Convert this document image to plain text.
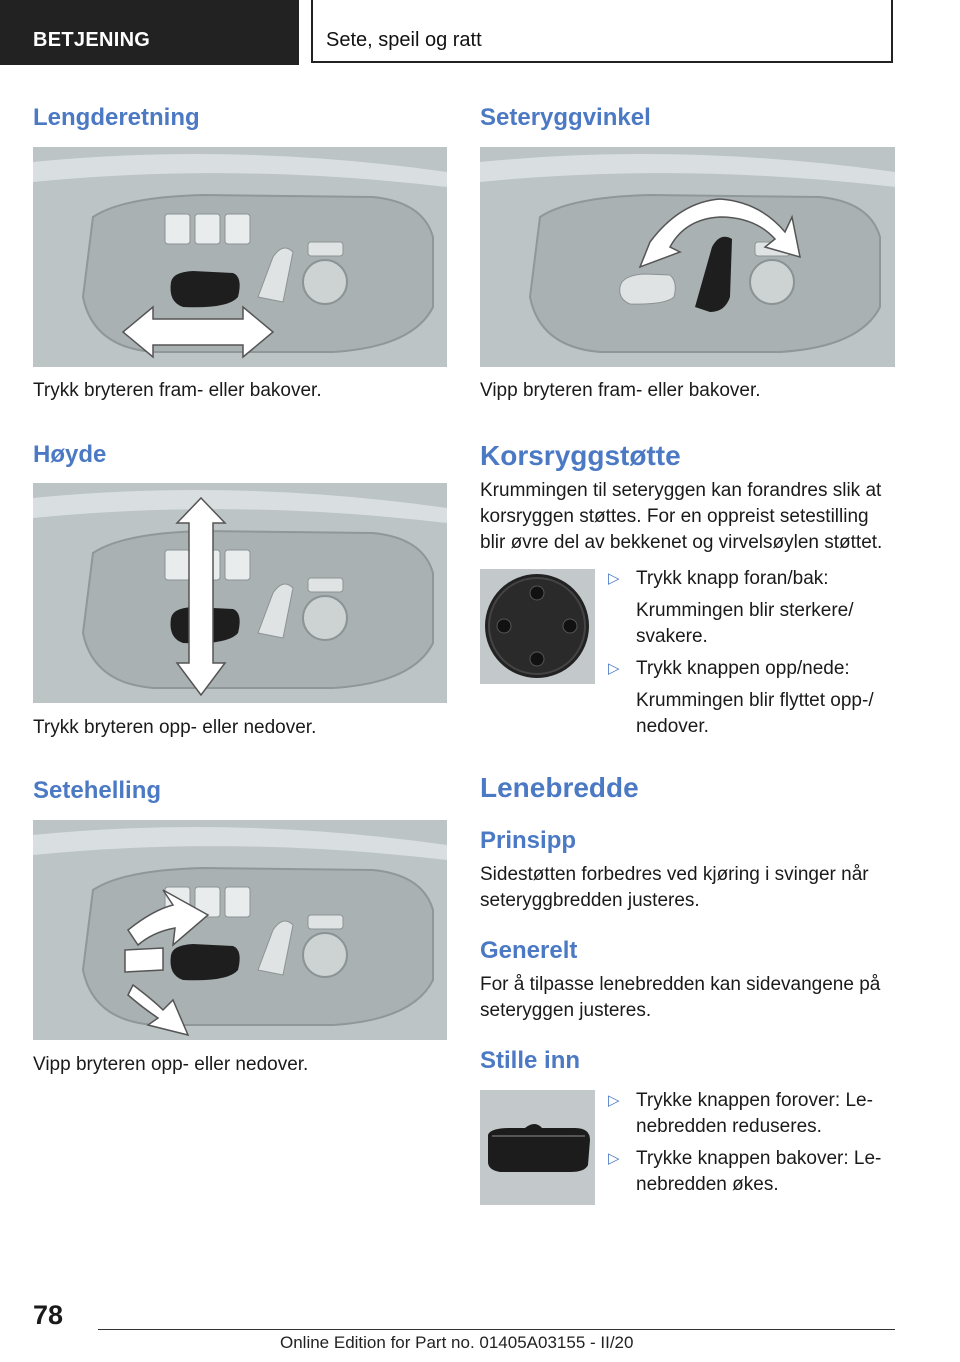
BETJENING	Sete, speil og ratt
Lengderetning
Trykk bryteren fram- eller bakover.
Høyde
Trykk bryteren opp- eller nedover.
Setehelling
Vipp bryteren opp- eller nedover.
Seteryggvinkel
Vipp bryteren fram- eller bakover.
Korsryggstøtte
Krummingen til seteryggen kan forandres slik at
korsryggen støttes. For en oppreist setestilling
blir øvre del av bekkenet og virvelsøylen støttet.
▷ Trykk knapp foran/bak:
Krummingen blir sterkere/
svakere.
▷ Trykk knappen opp/nede:
Krummingen blir flyttet opp-/
nedover.
Lenebredde
Prinsipp
Sidestøtten forbedres ved kjøring i svinger når
seteryggbredden justeres.
Generelt
For å tilpasse lenebredden kan sidevangene på
seteryggen justeres.
Stille inn
▷ Trykke knappen forover: Le-
nebredden reduseres.
▷ Trykke knappen bakover: Le-
nebredden økes.
78
Online Edition for Part no. 01405A03155 - II/20
